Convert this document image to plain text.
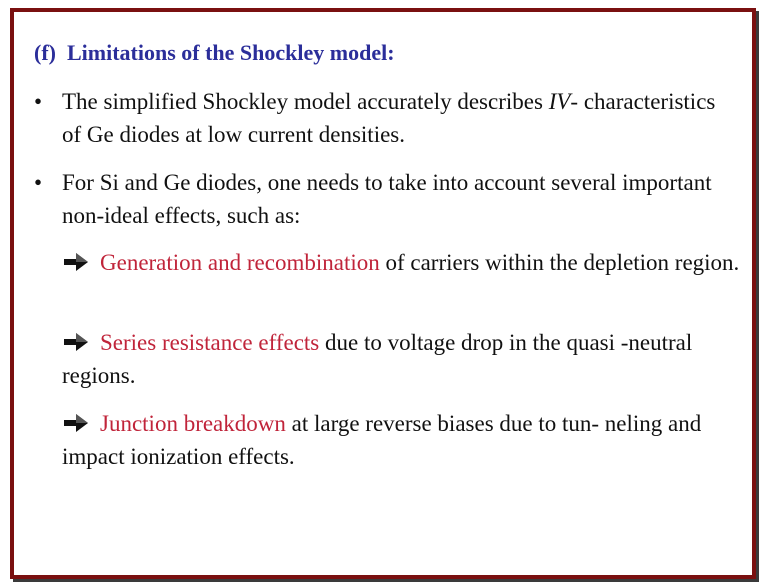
(f)  Limitations of the Shockley model:
• The simplified Shockley model accurately describes IV- characteristics of Ge diodes at low current densities.
• For Si and Ge diodes, one needs to take into account several important non-ideal effects, such as:
Generation and recombination of carriers within the depletion region.
Series resistance effects due to voltage drop in the quasi -neutral regions.
Junction breakdown at large reverse biases due to tun- neling and impact ionization effects.
